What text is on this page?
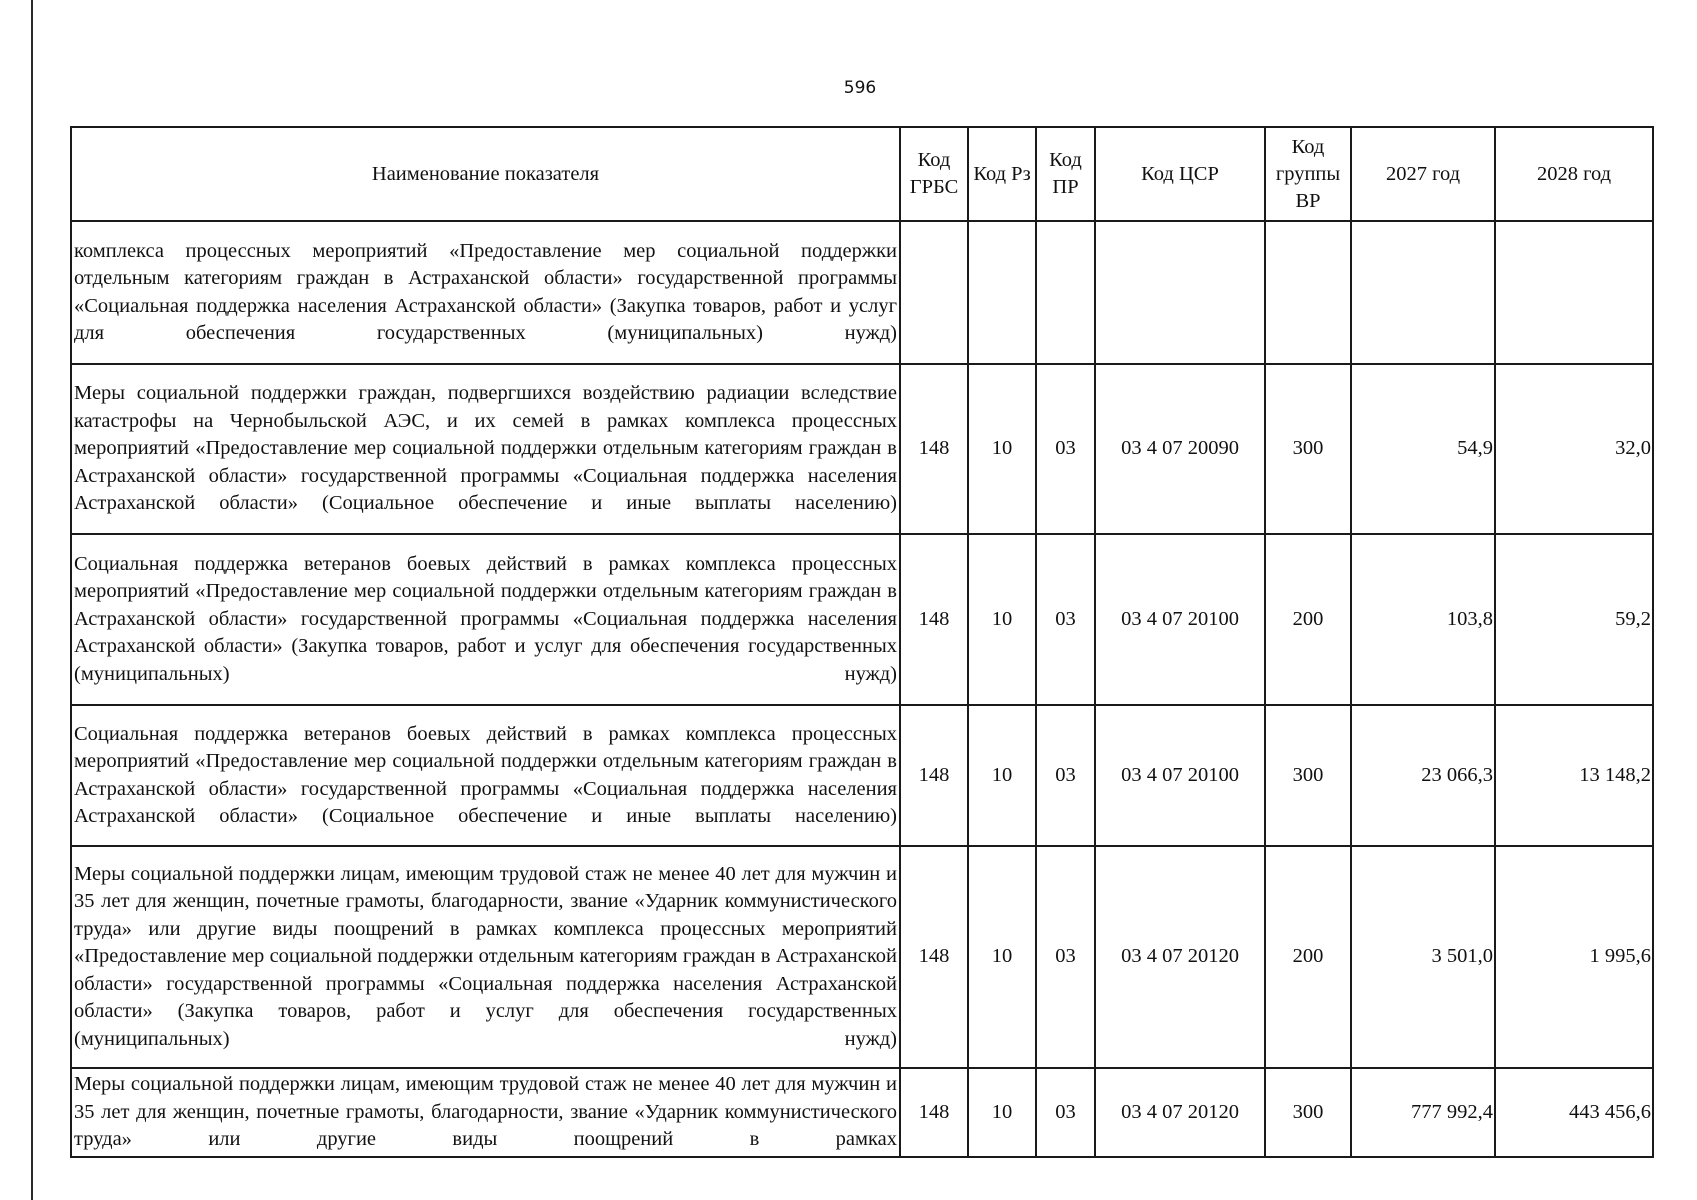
596
Наименование показателя	Код ГРБС	Код Рз	Код ПР	Код ЦСР	Код группы ВР	2027 год	2028 год
комплекса процессных мероприятий «Предоставление мер социальной поддержки отдельным категориям граждан в Астраханской области» государственной программы «Социальная поддержка населения Астраханской области» (Закупка товаров, работ и услуг для обеспечения государственных (муниципальных) нужд)							
Меры социальной поддержки граждан, подвергшихся воздействию радиации вследствие катастрофы на Чернобыльской АЭС, и их семей в рамках комплекса процессных мероприятий «Предоставление мер социальной поддержки отдельным категориям граждан в Астраханской области» государственной программы «Социальная поддержка населения Астраханской области» (Социальное обеспечение и иные выплаты населению)	148	10	03	03 4 07 20090	300	54,9	32,0
Социальная поддержка ветеранов боевых действий в рамках комплекса процессных мероприятий «Предоставление мер социальной поддержки отдельным категориям граждан в Астраханской области» государственной программы «Социальная поддержка населения Астраханской области» (Закупка товаров, работ и услуг для обеспечения государственных (муниципальных) нужд)	148	10	03	03 4 07 20100	200	103,8	59,2
Социальная поддержка ветеранов боевых действий в рамках комплекса процессных мероприятий «Предоставление мер социальной поддержки отдельным категориям граждан в Астраханской области» государственной программы «Социальная поддержка населения Астраханской области» (Социальное обеспечение и иные выплаты населению)	148	10	03	03 4 07 20100	300	23 066,3	13 148,2
Меры социальной поддержки лицам, имеющим трудовой стаж не менее 40 лет для мужчин и 35 лет для женщин, почетные грамоты, благодарности, звание «Ударник коммунистического труда» или другие виды поощрений в рамках комплекса процессных мероприятий «Предоставление мер социальной поддержки отдельным категориям граждан в Астраханской области» государственной программы «Социальная поддержка населения Астраханской области» (Закупка товаров, работ и услуг для обеспечения государственных (муниципальных) нужд)	148	10	03	03 4 07 20120	200	3 501,0	1 995,6
Меры социальной поддержки лицам, имеющим трудовой стаж не менее 40 лет для мужчин и 35 лет для женщин, почетные грамоты, благодарности, звание «Ударник коммунистического труда» или другие виды поощрений в рамках	148	10	03	03 4 07 20120	300	777 992,4	443 456,6
